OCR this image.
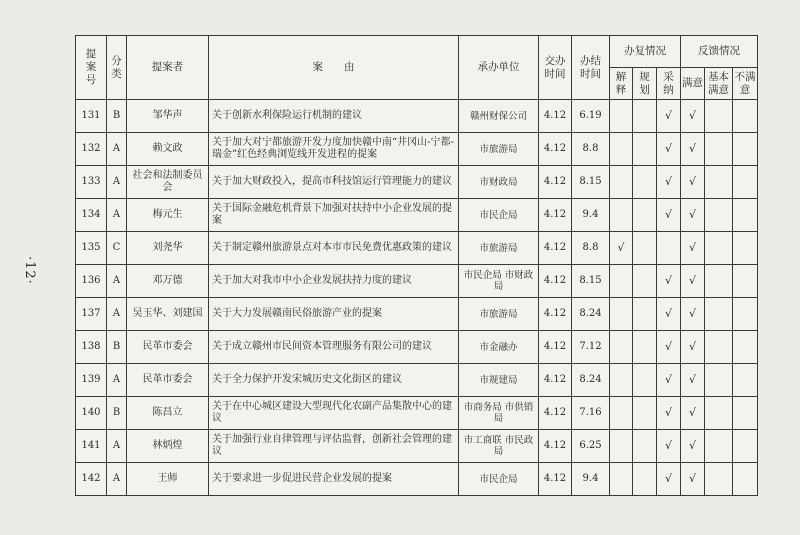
·12·
提案号	分类	提案者	案　　由	承办单位	交办时间	办结时间	办复情况			反馈情况		

							解释	规划	采纳	满意	基本满意	不满意

131	B	邹华声	关于创新水利保险运行机制的建议	赣州财保公司	4.12	6.19			√	√		
132	A	赖文政	关于加大对宁都旅游开发力度加快赣中南“井冈山-宁都-瑞金”红色经典浏览线开发进程的提案	市旅游局	4.12	8.8			√	√		
133	A	社会和法制委员会	关于加大财政投入，提高市科技馆运行管理能力的建议	市财政局	4.12	8.15			√	√		
134	A	梅元生	关于国际金融危机背景下加强对扶持中小企业发展的提案	市民企局	4.12	9.4			√	√		
135	C	刘尧华	关于制定赣州旅游景点对本市市民免费优惠政策的建议	市旅游局	4.12	8.8	√			√		
136	A	邓万德	关于加大对我市中小企业发展扶持力度的建议	市民企局 市财政局	4.12	8.15			√	√		
137	A	吴玉华、刘建国	关于大力发展赣南民俗旅游产业的提案	市旅游局	4.12	8.24			√	√		
138	B	民革市委会	关于成立赣州市民间资本管理服务有限公司的建议	市金融办	4.12	7.12			√	√		
139	A	民革市委会	关于全力保护开发宋城历史文化街区的建议	市规建局	4.12	8.24			√	√		
140	B	陈昌立	关于在中心城区建设大型现代化农副产品集散中心的建议	市商务局 市供销局	4.12	7.16			√	√		
141	A	林炳煌	关于加强行业自律管理与评估监督，创新社会管理的建议	市工商联 市民政局	4.12	6.25			√	√		
142	A	王师	关于要求进一步促进民营企业发展的提案	市民企局	4.12	9.4			√	√		
